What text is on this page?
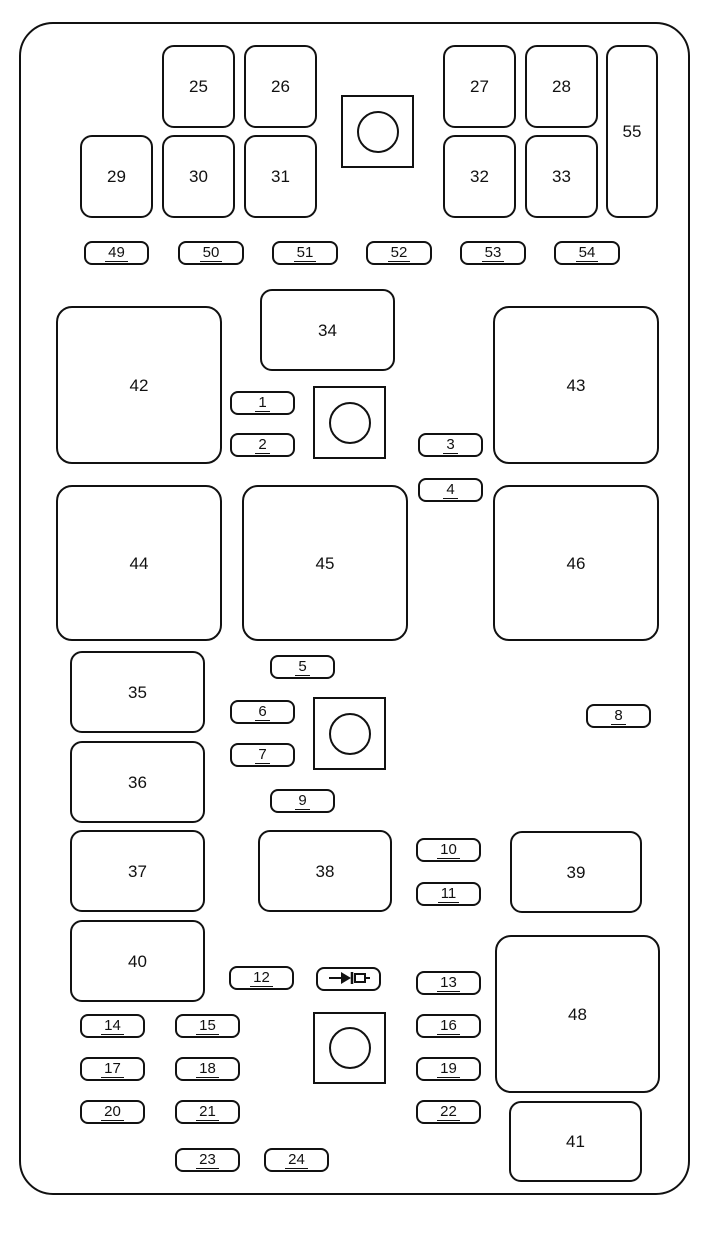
25	26	27	28
55
29	30	31	32	33
49	50	51	52	53	54
34
42	43
1
2	3
4
44	45	46
5
35
6
7
8
36
9
37	38
10
11
39
40
12	13
48
14	15	16
17	18	19
20	21	22
41
23	24
